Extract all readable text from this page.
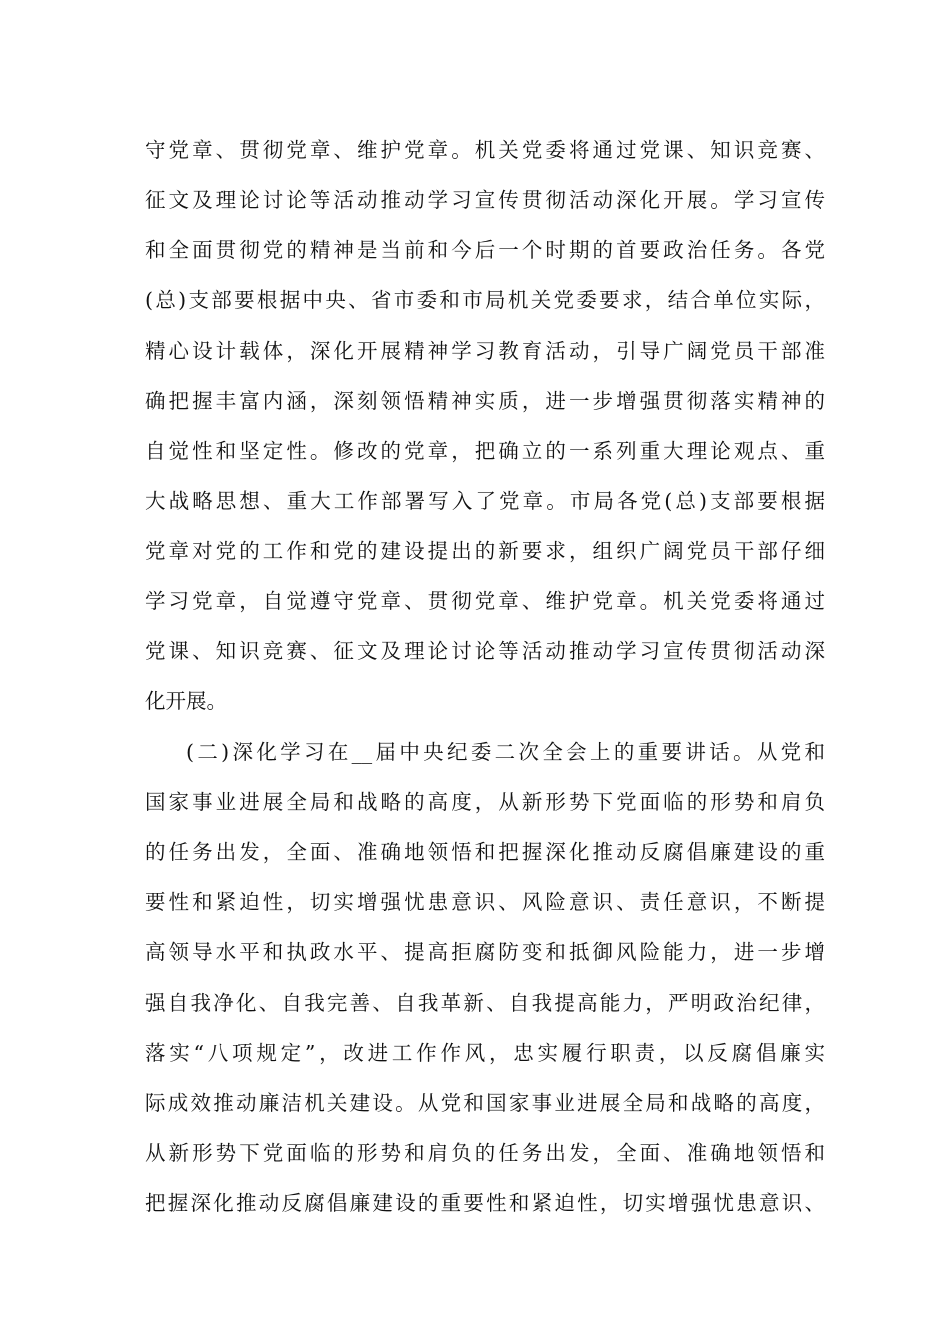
守党章、贯彻党章、维护党章。机关党委将通过党课、知识竞赛、
征文及理论讨论等活动推动学习宣传贯彻活动深化开展。学习宣传
和全面贯彻党的精神是当前和今后一个时期的首要政治任务。各党
(总)支部要根据中央、省市委和市局机关党委要求，结合单位实际，
精心设计载体，深化开展精神学习教育活动，引导广阔党员干部准
确把握丰富内涵，深刻领悟精神实质，进一步增强贯彻落实精神的
自觉性和坚定性。修改的党章，把确立的一系列重大理论观点、重
大战略思想、重大工作部署写入了党章。市局各党(总)支部要根据
党章对党的工作和党的建设提出的新要求，组织广阔党员干部仔细
学习党章，自觉遵守党章、贯彻党章、维护党章。机关党委将通过
党课、知识竞赛、征文及理论讨论等活动推动学习宣传贯彻活动深
化开展。
(二)深化学习在__届中央纪委二次全会上的重要讲话。从党和
国家事业进展全局和战略的高度，从新形势下党面临的形势和肩负
的任务出发，全面、准确地领悟和把握深化推动反腐倡廉建设的重
要性和紧迫性，切实增强忧患意识、风险意识、责任意识，不断提
高领导水平和执政水平、提高拒腐防变和抵御风险能力，进一步增
强自我净化、自我完善、自我革新、自我提高能力，严明政治纪律，
落实“八项规定”，改进工作作风，忠实履行职责，以反腐倡廉实
际成效推动廉洁机关建设。从党和国家事业进展全局和战略的高度，
从新形势下党面临的形势和肩负的任务出发，全面、准确地领悟和
把握深化推动反腐倡廉建设的重要性和紧迫性，切实增强忧患意识、
